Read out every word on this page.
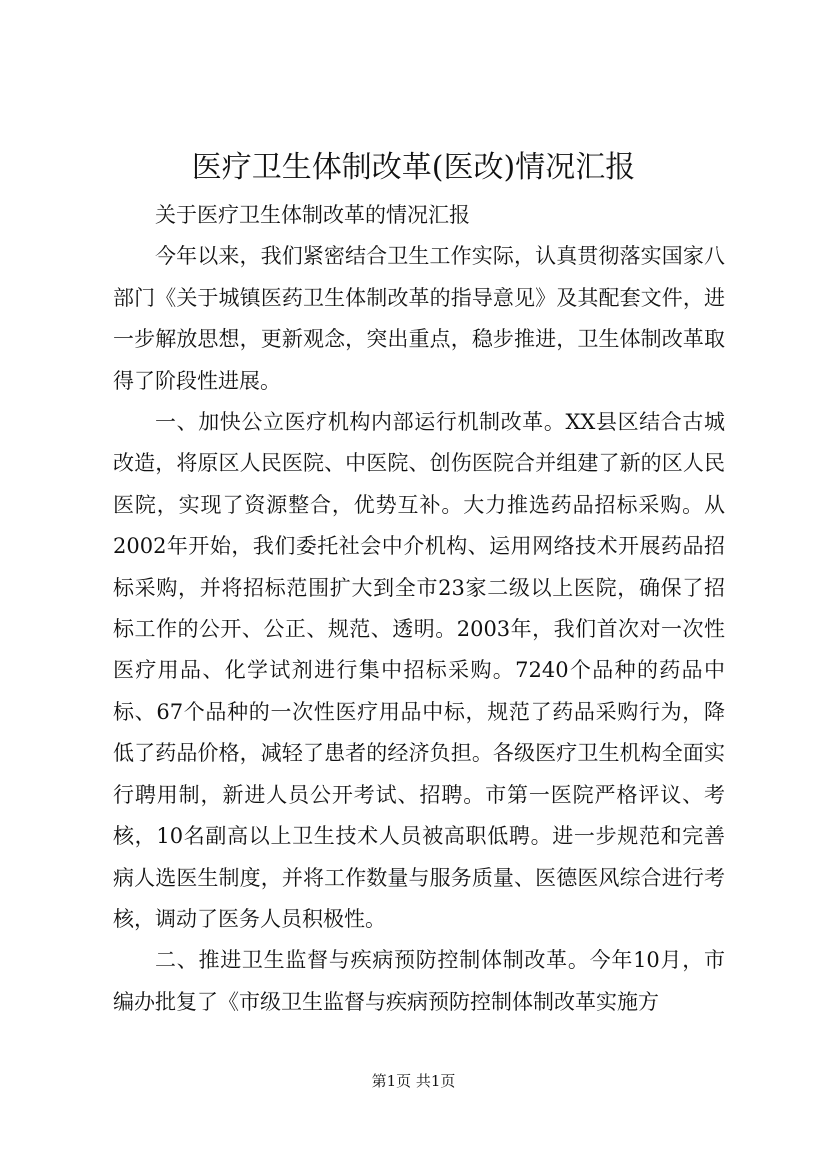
医疗卫生体制改革(医改)情况汇报

关于医疗卫生体制改革的情况汇报

今年以来，我们紧密结合卫生工作实际，认真贯彻落实国家八部门《关于城镇医药卫生体制改革的指导意见》及其配套文件，进一步解放思想，更新观念，突出重点，稳步推进，卫生体制改革取得了阶段性进展。

一、加快公立医疗机构内部运行机制改革。XX县区结合古城改造，将原区人民医院、中医院、创伤医院合并组建了新的区人民医院，实现了资源整合，优势互补。大力推选药品招标采购。从2002年开始，我们委托社会中介机构、运用网络技术开展药品招标采购，并将招标范围扩大到全市23家二级以上医院，确保了招标工作的公开、公正、规范、透明。2003年，我们首次对一次性医疗用品、化学试剂进行集中招标采购。7240个品种的药品中标、67个品种的一次性医疗用品中标，规范了药品采购行为，降低了药品价格，减轻了患者的经济负担。各级医疗卫生机构全面实行聘用制，新进人员公开考试、招聘。市第一医院严格评议、考核，10名副高以上卫生技术人员被高职低聘。进一步规范和完善病人选医生制度，并将工作数量与服务质量、医德医风综合进行考核，调动了医务人员积极性。

二、推进卫生监督与疾病预防控制体制改革。今年10月，市编办批复了《市级卫生监督与疾病预防控制体制改革实施方

第1页 共1页
